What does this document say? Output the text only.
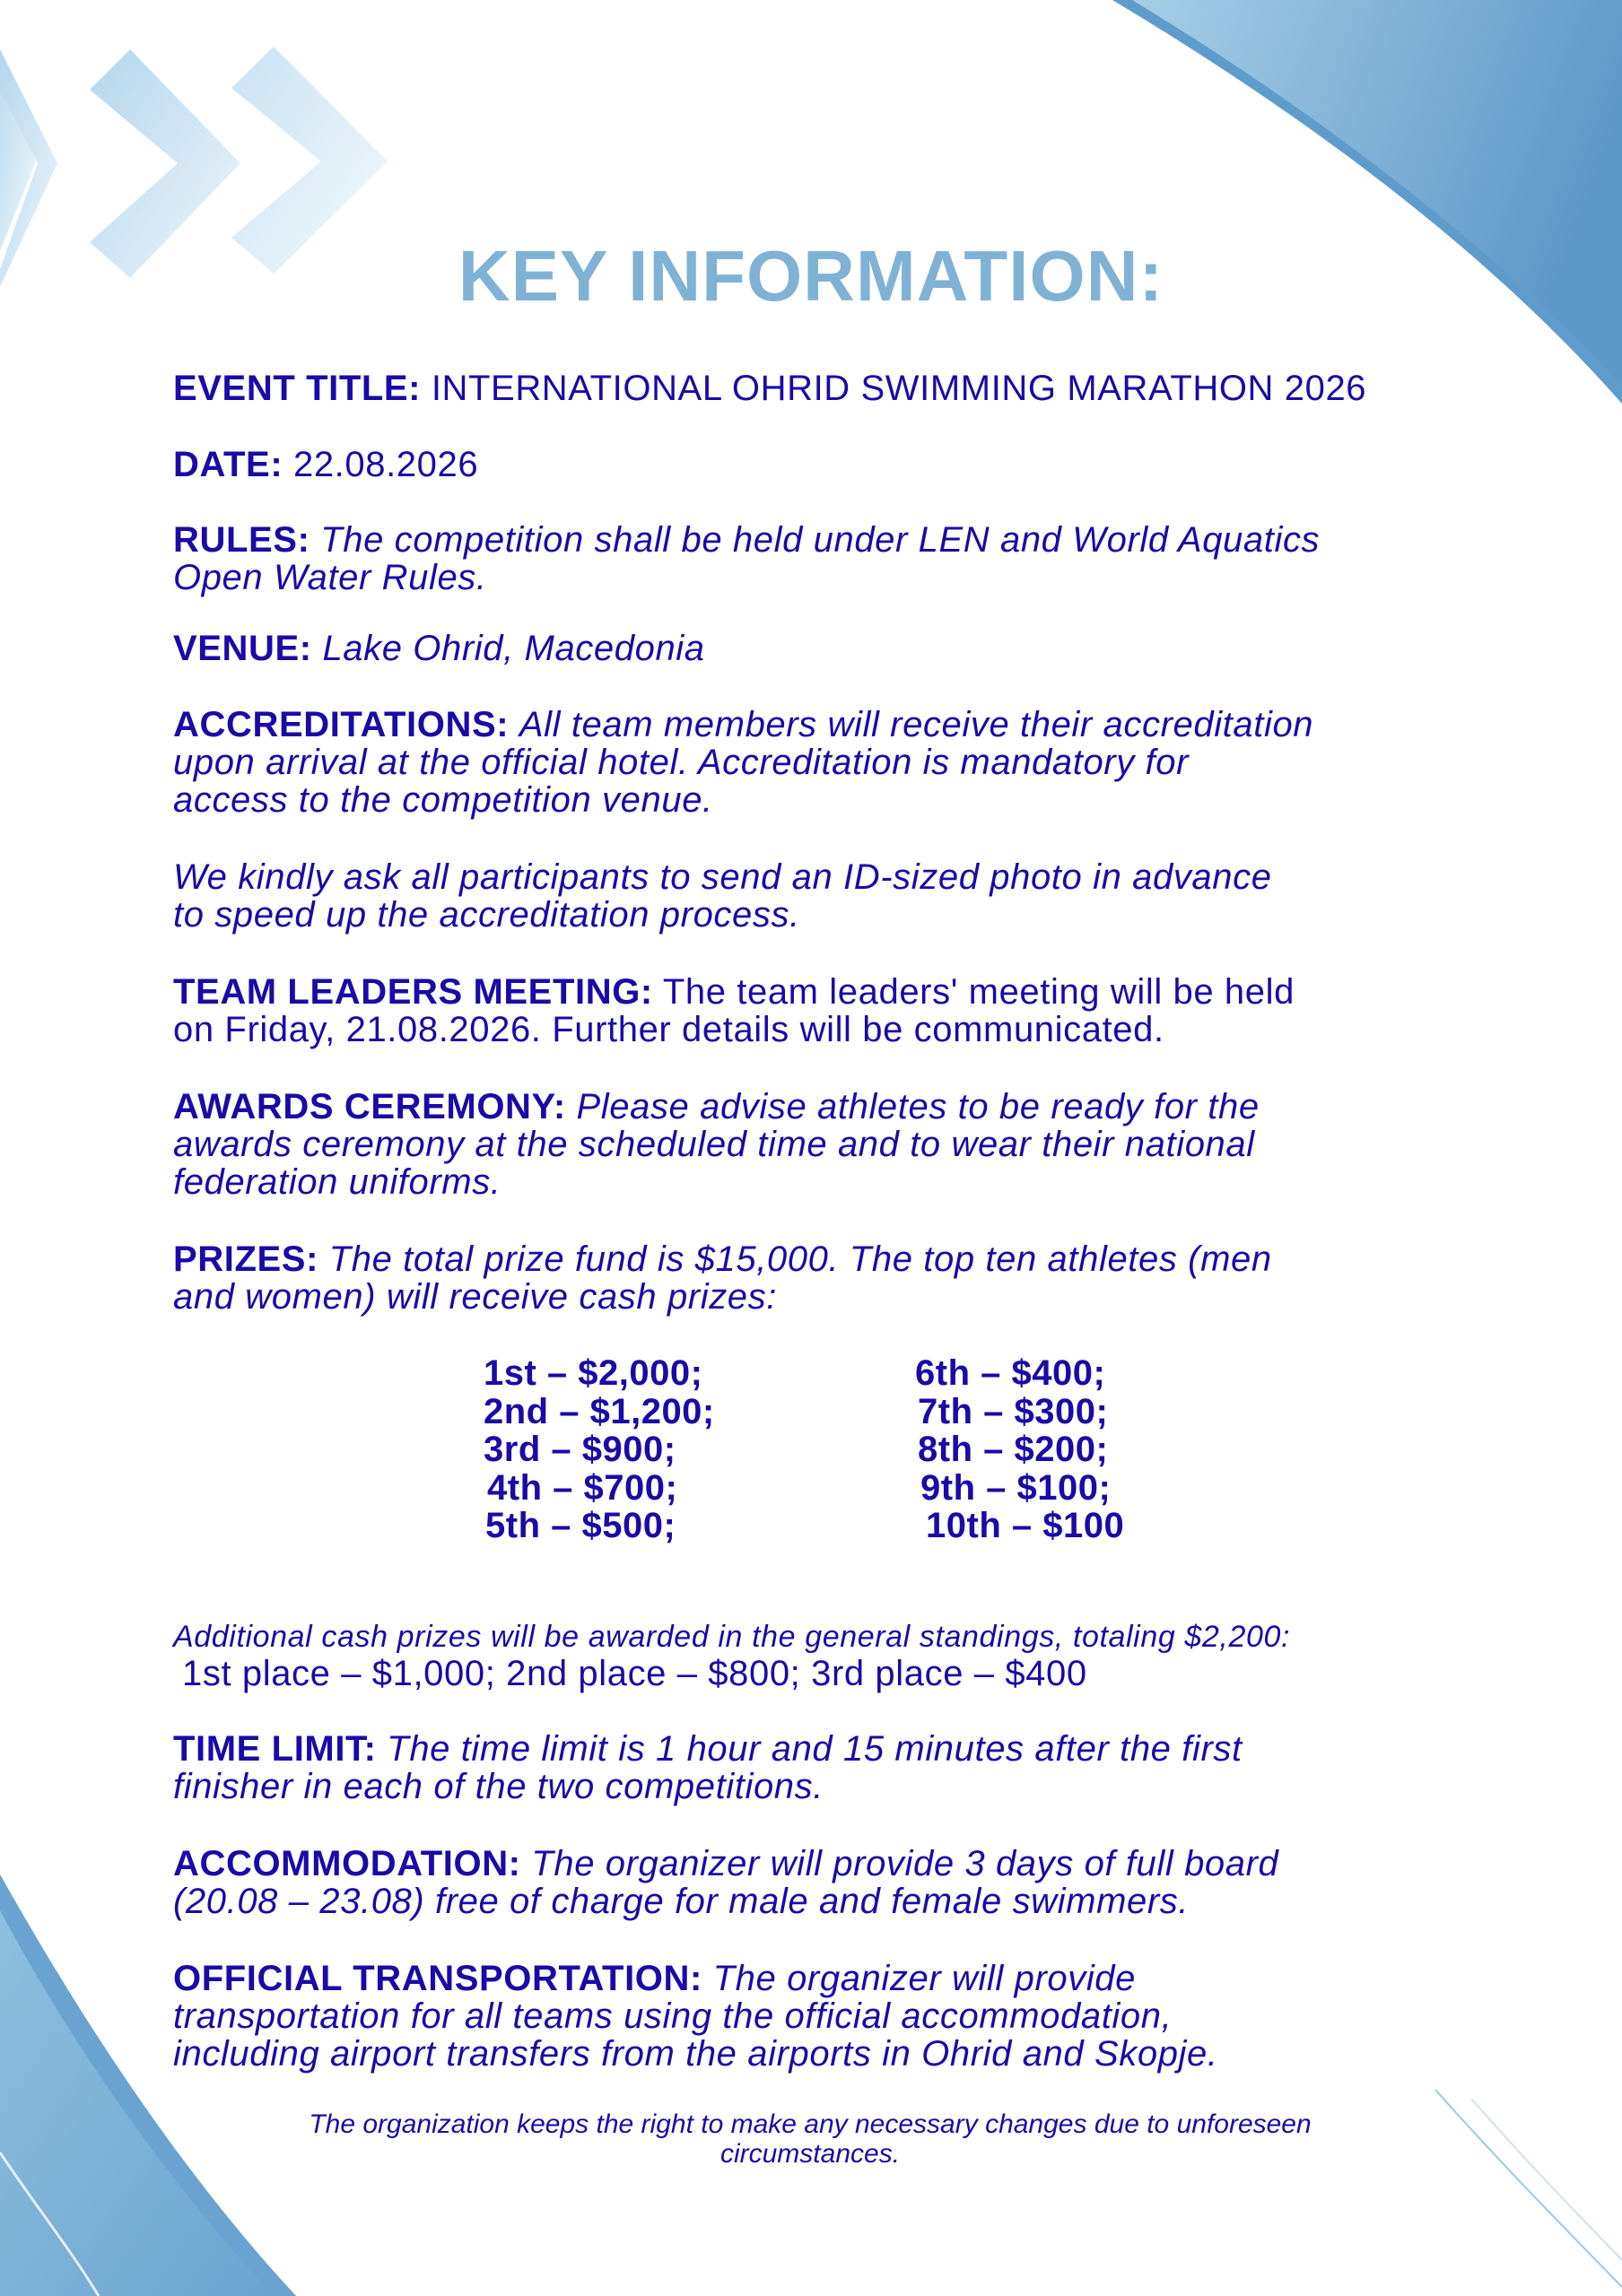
KEY INFORMATION:
EVENT TITLE: INTERNATIONAL OHRID SWIMMING MARATHON 2026
DATE: 22.08.2026
RULES: The competition shall be held under LEN and World Aquatics
Open Water Rules.
VENUE: Lake Ohrid, Macedonia
ACCREDITATIONS: All team members will receive their accreditation
upon arrival at the official hotel. Accreditation is mandatory for
access to the competition venue.
We kindly ask all participants to send an ID-sized photo in advance
to speed up the accreditation process.
TEAM LEADERS MEETING: The team leaders' meeting will be held
on Friday, 21.08.2026. Further details will be communicated.
AWARDS CEREMONY: Please advise athletes to be ready for the
awards ceremony at the scheduled time and to wear their national
federation uniforms.
PRIZES: The total prize fund is $15,000. The top ten athletes (men
and women) will receive cash prizes:
1st – $2,000;
2nd – $1,200;
3rd – $900;
4th – $700;
5th – $500;
6th – $400;
7th – $300;
8th – $200;
9th – $100;
10th – $100
Additional cash prizes will be awarded in the general standings, totaling $2,200:
1st place – $1,000; 2nd place – $800; 3rd place – $400
TIME LIMIT: The time limit is 1 hour and 15 minutes after the first
finisher in each of the two competitions.
ACCOMMODATION: The organizer will provide 3 days of full board
(20.08 – 23.08) free of charge for male and female swimmers.
OFFICIAL TRANSPORTATION: The organizer will provide
transportation for all teams using the official accommodation,
including airport transfers from the airports in Ohrid and Skopje.
The organization keeps the right to make any necessary changes due to unforeseen
circumstances.
